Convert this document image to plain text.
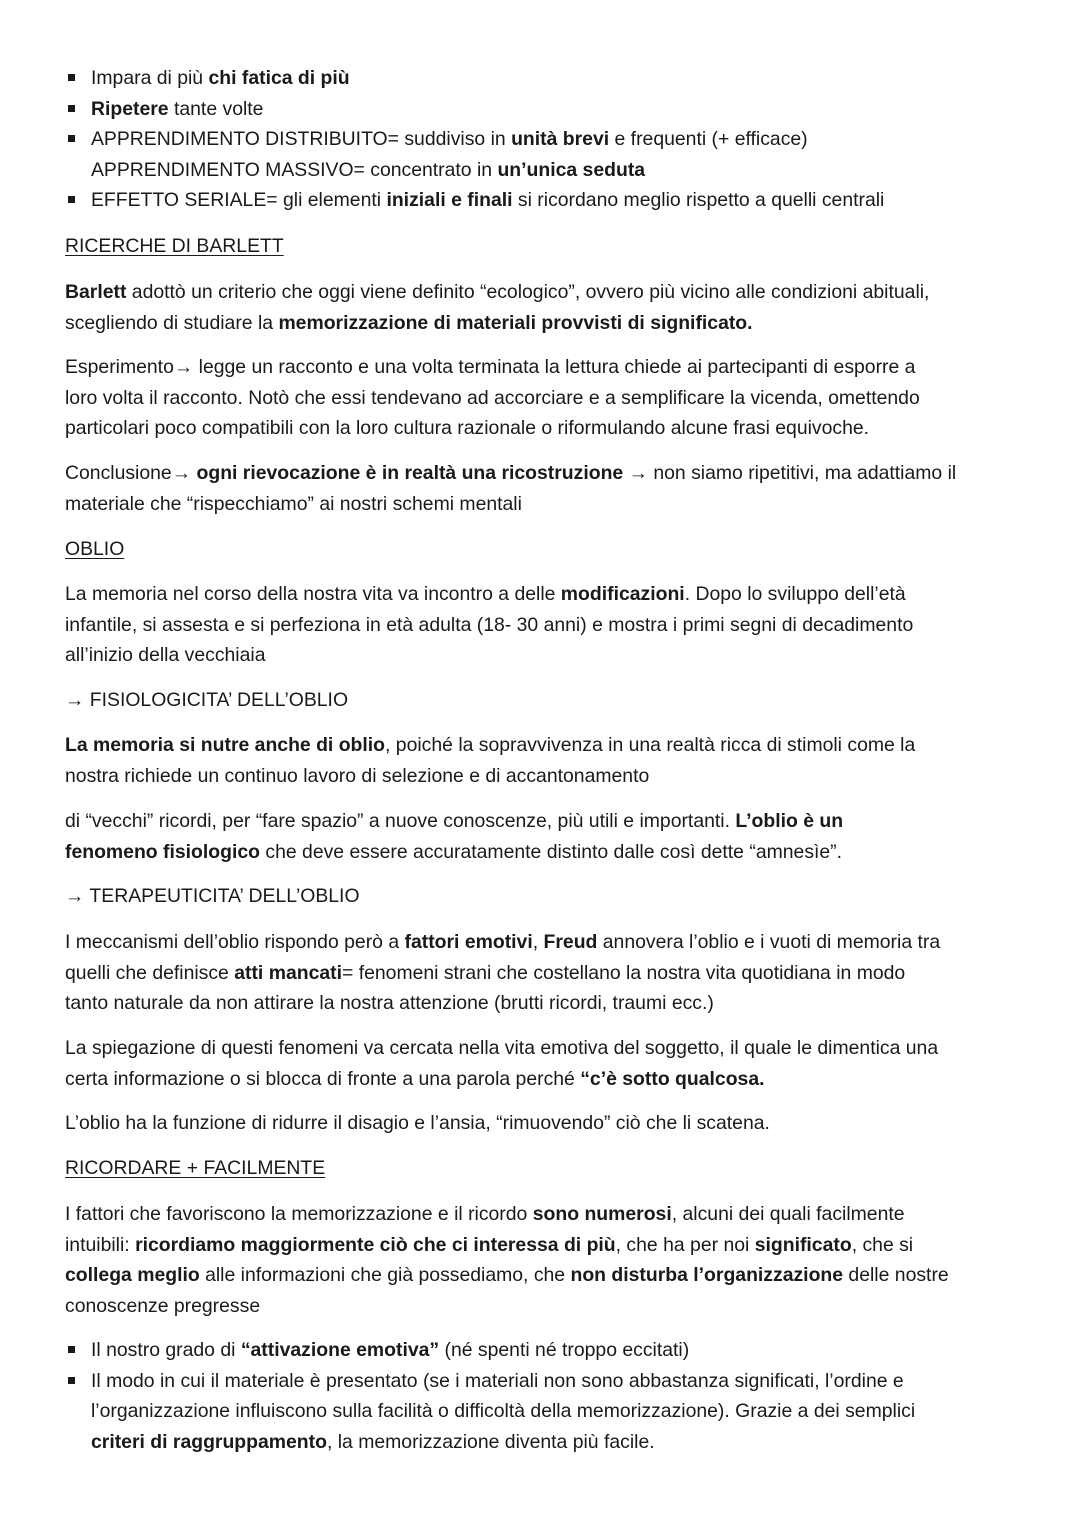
Impara di più chi fatica di più

Ripetere tante volte

APPRENDIMENTO DISTRIBUITO= suddiviso in unità brevi e frequenti (+ efficace)

APPRENDIMENTO MASSIVO= concentrato in un’unica seduta

EFFETTO SERIALE= gli elementi iniziali e finali si ricordano meglio rispetto a quelli centrali

RICERCHE DI BARLETT

Barlett adottò un criterio che oggi viene definito “ecologico”, ovvero più vicino alle condizioni abituali,

scegliendo di studiare la memorizzazione di materiali provvisti di significato.

Esperimento→ legge un racconto e una volta terminata la lettura chiede ai partecipanti di esporre a

loro volta il racconto. Notò che essi tendevano ad accorciare e a semplificare la vicenda, omettendo

particolari poco compatibili con la loro cultura razionale o riformulando alcune frasi equivoche.

Conclusione→ ogni rievocazione è in realtà una ricostruzione → non siamo ripetitivi, ma adattiamo il

materiale che “rispecchiamo” ai nostri schemi mentali

OBLIO

La memoria nel corso della nostra vita va incontro a delle modificazioni. Dopo lo sviluppo dell’età

infantile, si assesta e si perfeziona in età adulta (18- 30 anni) e mostra i primi segni di decadimento

all’inizio della vecchiaia

→ FISIOLOGICITA’ DELL’OBLIO

La memoria si nutre anche di oblio, poiché la sopravvivenza in una realtà ricca di stimoli come la

nostra richiede un continuo lavoro di selezione e di accantonamento

di “vecchi” ricordi, per “fare spazio” a nuove conoscenze, più utili e importanti. L’oblio è un

fenomeno fisiologico che deve essere accuratamente distinto dalle così dette “amnesìe”.

→ TERAPEUTICITA’ DELL’OBLIO

I meccanismi dell’oblio rispondo però a fattori emotivi, Freud annovera l’oblio e i vuoti di memoria tra

quelli che definisce atti mancati= fenomeni strani che costellano la nostra vita quotidiana in modo

tanto naturale da non attirare la nostra attenzione (brutti ricordi, traumi ecc.)

La spiegazione di questi fenomeni va cercata nella vita emotiva del soggetto, il quale le dimentica una

certa informazione o si blocca di fronte a una parola perché “c’è sotto qualcosa.

L’oblio ha la funzione di ridurre il disagio e l’ansia, “rimuovendo” ciò che li scatena.

RICORDARE + FACILMENTE

I fattori che favoriscono la memorizzazione e il ricordo sono numerosi, alcuni dei quali facilmente

intuibili: ricordiamo maggiormente ciò che ci interessa di più, che ha per noi significato, che si

collega meglio alle informazioni che già possediamo, che non disturba l’organizzazione delle nostre

conoscenze pregresse

Il nostro grado di “attivazione emotiva” (né spenti né troppo eccitati)

Il modo in cui il materiale è presentato (se i materiali non sono abbastanza significati, l’ordine e

l’organizzazione influiscono sulla facilità o difficoltà della memorizzazione). Grazie a dei semplici

criteri di raggruppamento, la memorizzazione diventa più facile.
